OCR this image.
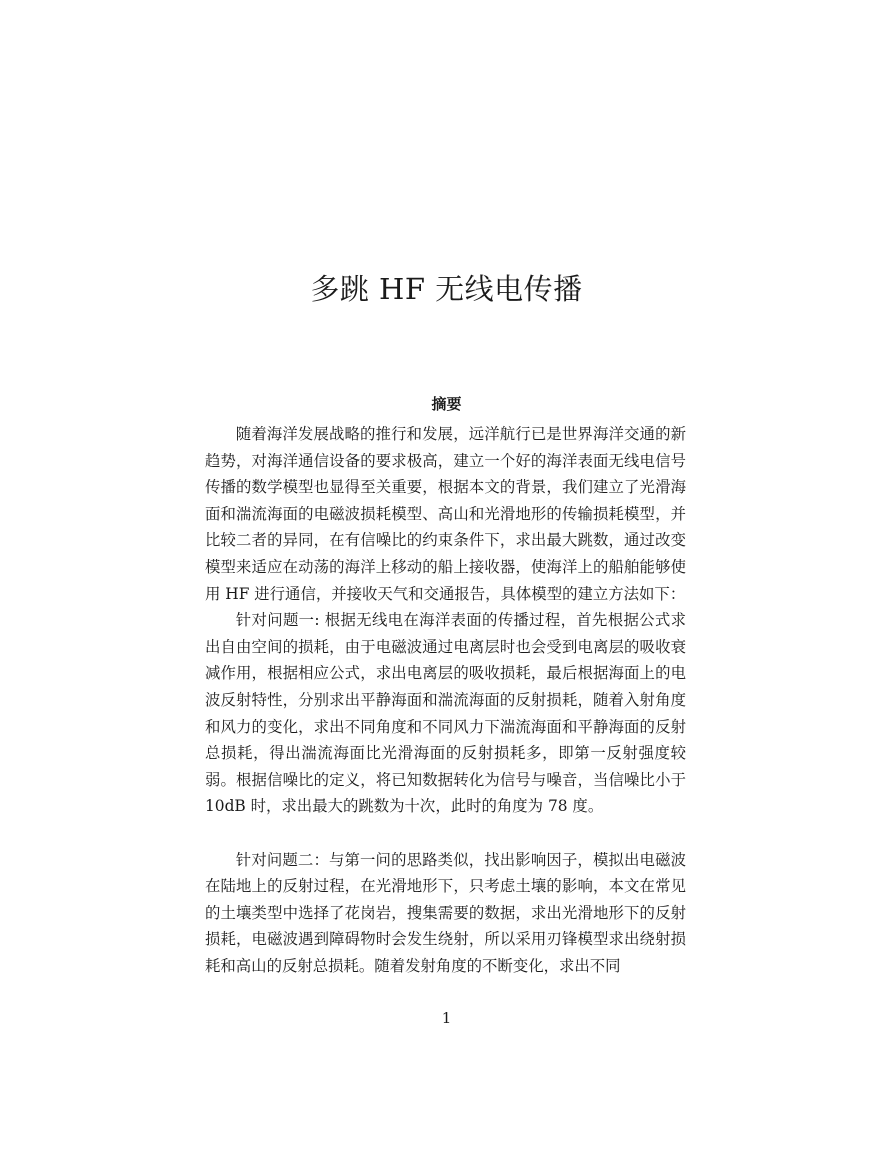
多跳 HF 无线电传播
摘要

随着海洋发展战略的推行和发展，远洋航行已是世界海洋交通的新趋势，对海洋通信设备的要求极高，建立一个好的海洋表面无线电信号传播的数学模型也显得至关重要，根据本文的背景，我们建立了光滑海面和湍流海面的电磁波损耗模型、高山和光滑地形的传输损耗模型，并比较二者的异同，在有信噪比的约束条件下，求出最大跳数，通过改变模型来适应在动荡的海洋上移动的船上接收器，使海洋上的船舶能够使用 HF 进行通信，并接收天气和交通报告，具体模型的建立方法如下：

针对问题一: 根据无线电在海洋表面的传播过程，首先根据公式求出自由空间的损耗，由于电磁波通过电离层时也会受到电离层的吸收衰减作用，根据相应公式，求出电离层的吸收损耗，最后根据海面上的电波反射特性，分别求出平静海面和湍流海面的反射损耗，随着入射角度和风力的变化，求出不同角度和不同风力下湍流海面和平静海面的反射总损耗，得出湍流海面比光滑海面的反射损耗多，即第一反射强度较弱。根据信噪比的定义，将已知数据转化为信号与噪音，当信噪比小于 10dB 时，求出最大的跳数为十次，此时的角度为 78 度。

针对问题二：与第一问的思路类似，找出影响因子，模拟出电磁波在陆地上的反射过程，在光滑地形下，只考虑土壤的影响，本文在常见的土壤类型中选择了花岗岩，搜集需要的数据，求出光滑地形下的反射损耗，电磁波遇到障碍物时会发生绕射，所以采用刃锋模型求出绕射损耗和高山的反射总损耗。随着发射角度的不断变化，求出不同

1
